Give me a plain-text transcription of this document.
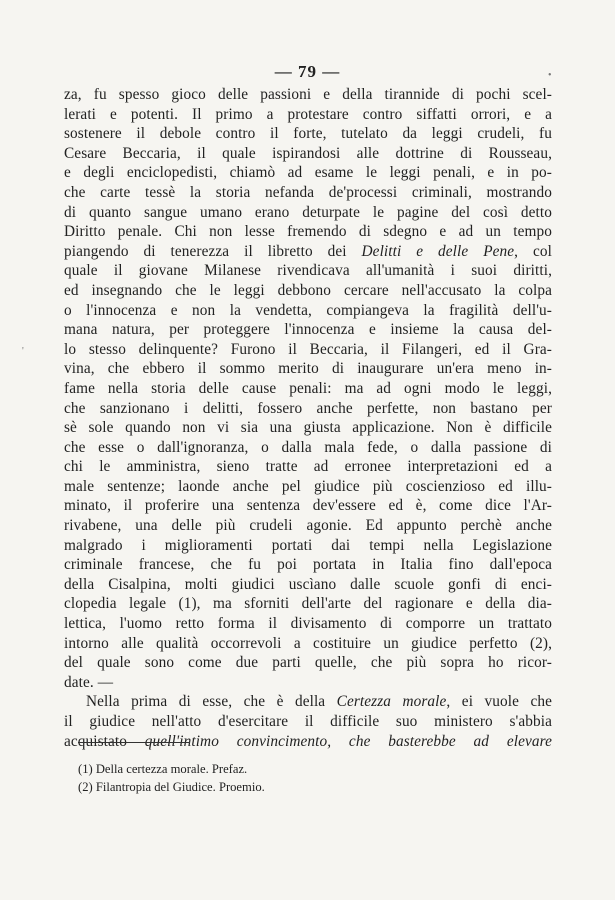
— 79 —
za, fu spesso gioco delle passioni e della tirannide di pochi scel-
lerati e potenti. Il primo a protestare contro siffatti orrori, e a
sostenere il debole contro il forte, tutelato da leggi crudeli, fu
Cesare Beccaria, il quale ispirandosi alle dottrine di Rousseau,
e degli enciclopedisti, chiamò ad esame le leggi penali, e in po-
che carte tessè la storia nefanda de'processi criminali, mostrando
di quanto sangue umano erano deturpate le pagine del così detto
Diritto penale. Chi non lesse fremendo di sdegno e ad un tempo
piangendo di tenerezza il libretto dei Delitti e delle Pene, col
quale il giovane Milanese rivendicava all'umanità i suoi diritti,
ed insegnando che le leggi debbono cercare nell'accusato la colpa
o l'innocenza e non la vendetta, compiangeva la fragilità dell'u-
mana natura, per proteggere l'innocenza e insieme la causa del-
lo stesso delinquente? Furono il Beccaria, il Filangeri, ed il Gra-
vina, che ebbero il sommo merito di inaugurare un'era meno in-
fame nella storia delle cause penali: ma ad ogni modo le leggi,
che sanzionano i delitti, fossero anche perfette, non bastano per
sè sole quando non vi sia una giusta applicazione. Non è difficile
che esse o dall'ignoranza, o dalla mala fede, o dalla passione di
chi le amministra, sieno tratte ad erronee interpretazioni ed a
male sentenze; laonde anche pel giudice più coscienzioso ed illu-
minato, il proferire una sentenza dev'essere ed è, come dice l'Ar-
rivabene, una delle più crudeli agonie. Ed appunto perchè anche
malgrado i miglioramenti portati dai tempi nella Legislazione
criminale francese, che fu poi portata in Italia fino dall'epoca
della Cisalpina, molti giudici uscìano dalle scuole gonfi di enci-
clopedia legale (1), ma sforniti dell'arte del ragionare e della dia-
lettica, l'uomo retto forma il divisamento di comporre un trattato
intorno alle qualità occorrevoli a costituire un giudice perfetto (2),
del quale sono come due parti quelle, che più sopra ho ricor-
date. —
Nella prima di esse, che è della Certezza morale, ei vuole che
il giudice nell'atto d'esercitare il difficile suo ministero s'abbia
acquistato quell'intimo convincimento, che basterebbe ad elevare
(1) Della certezza morale. Prefaz.
(2) Filantropia del Giudice. Proemio.
•
'
